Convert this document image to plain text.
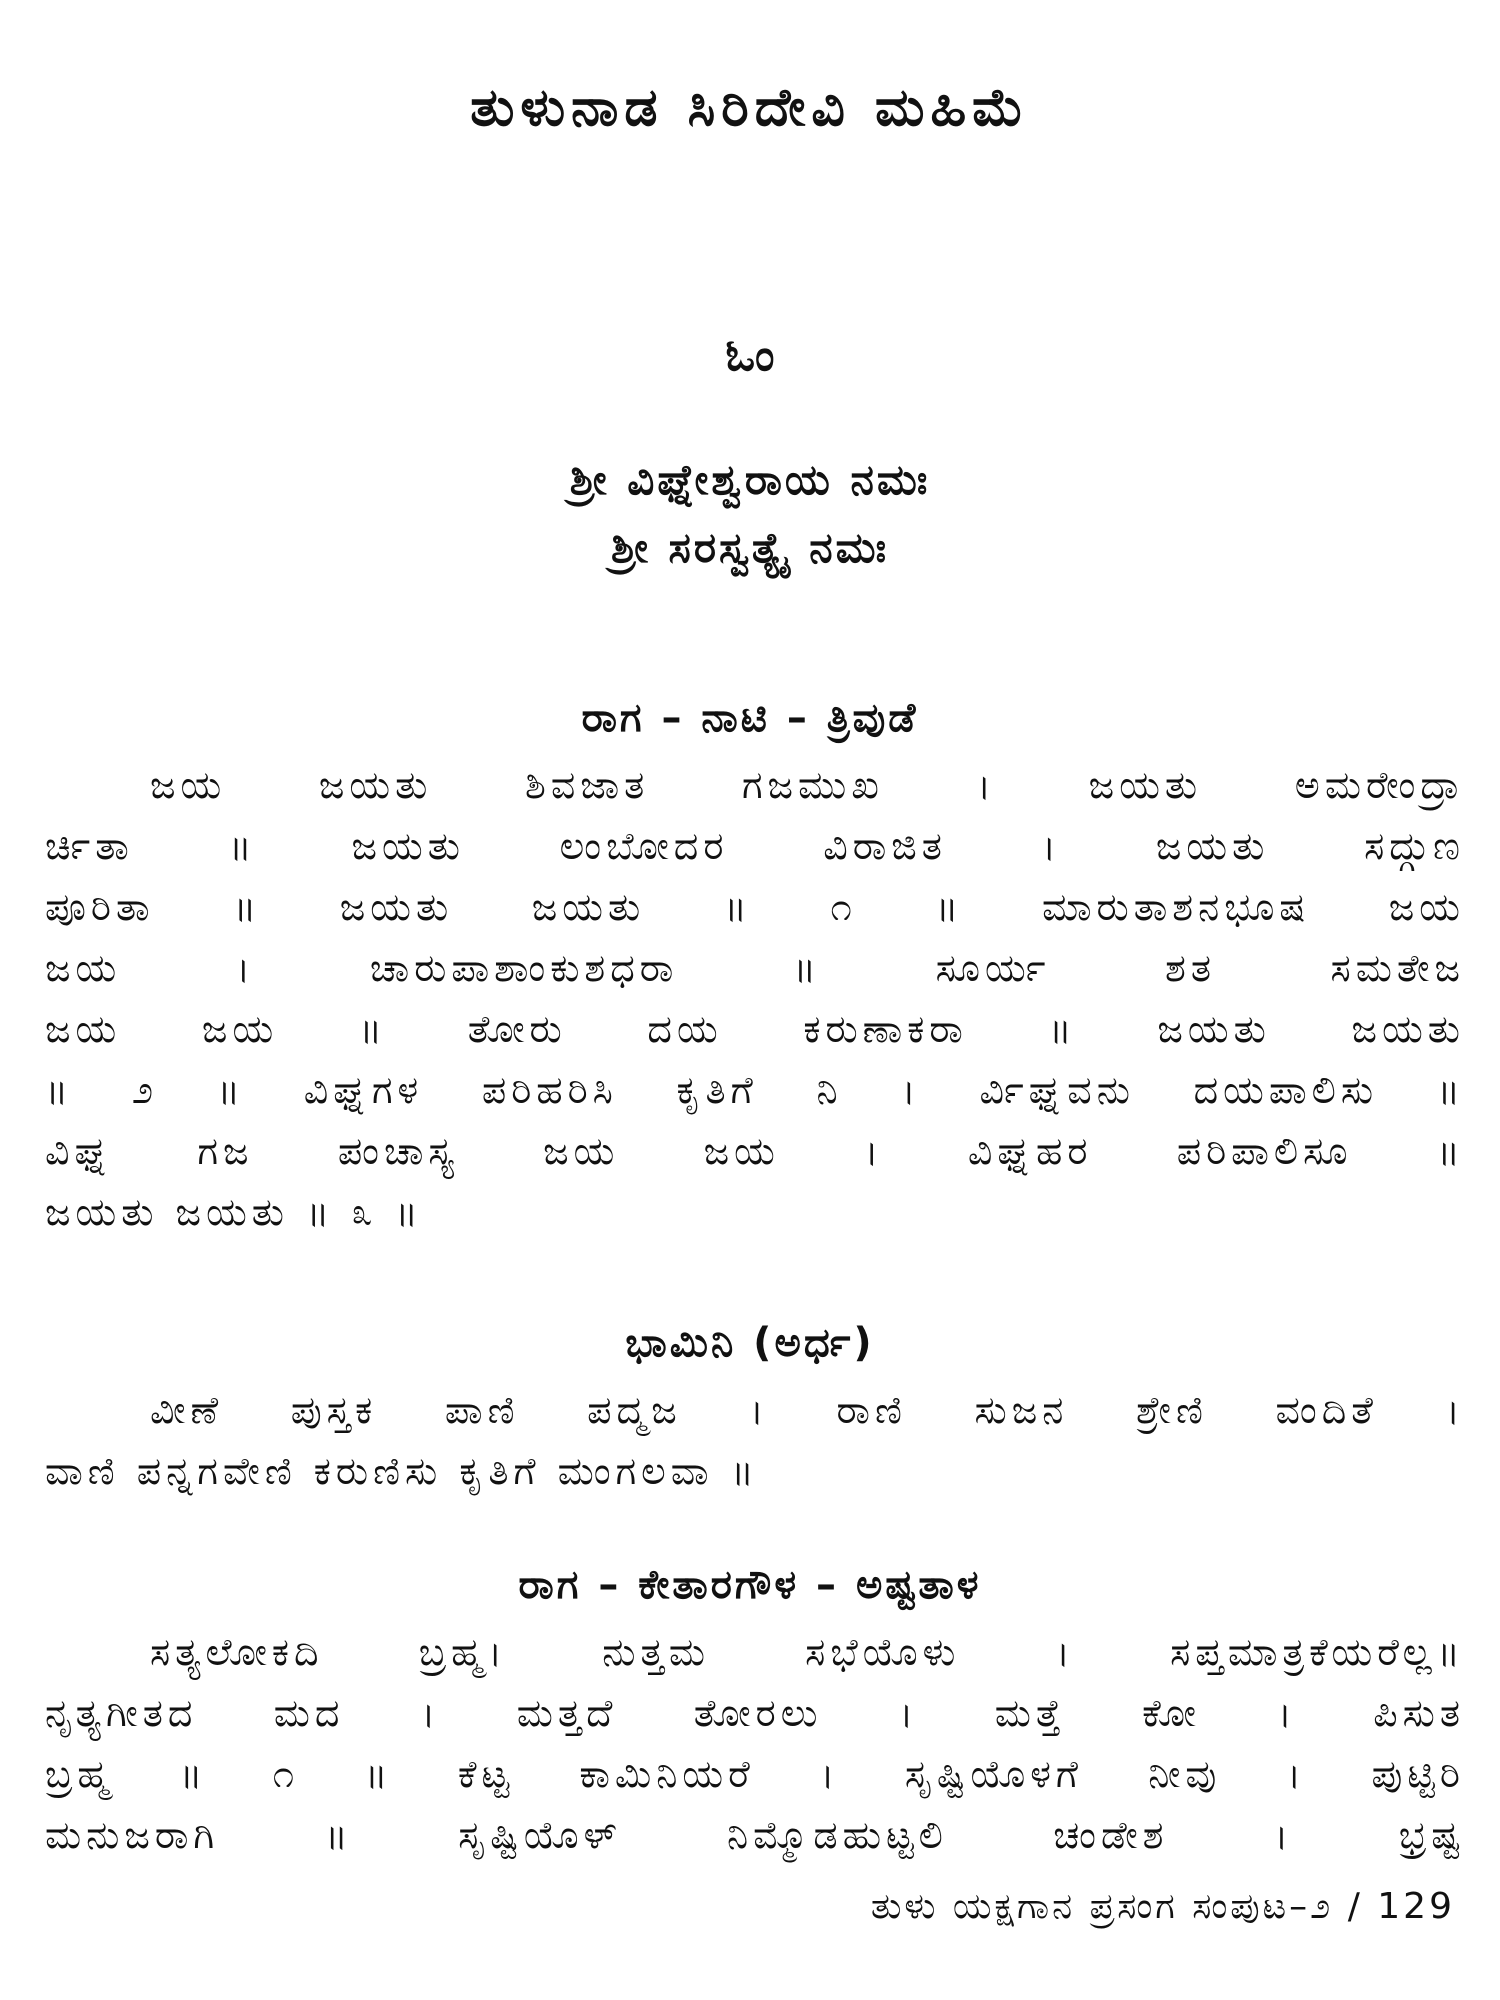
ತುಳುನಾಡ ಸಿರಿದೇವಿ ಮಹಿಮೆ
ಓಂ
ಶ್ರೀ ವಿಘ್ನೇಶ್ವರಾಯ ನಮಃ
ಶ್ರೀ ಸರಸ್ವತ್ಯೈ ನಮಃ
ರಾಗ – ನಾಟಿ – ತ್ರಿವುಡೆ
ಜಯ ಜಯತು ಶಿವಜಾತ ಗಜಮುಖ । ಜಯತು ಅಮರೇಂದ್ರಾ
ರ್ಚಿತಾ ॥ ಜಯತು ಲಂಬೋದರ ವಿರಾಜಿತ । ಜಯತು ಸದ್ಗುಣ
ಪೂರಿತಾ ॥ ಜಯತು ಜಯತು ॥ ೧ ॥ ಮಾರುತಾಶನಭೂಷ ಜಯ
ಜಯ । ಚಾರುಪಾಶಾಂಕುಶಧರಾ ॥ ಸೂರ್ಯ ಶತ ಸಮತೇಜ
ಜಯ ಜಯ ॥ ತೋರು ದಯ ಕರುಣಾಕರಾ ॥ ಜಯತು ಜಯತು
॥ ೨ ॥ ವಿಘ್ನಗಳ ಪರಿಹರಿಸಿ ಕೃತಿಗೆ ನಿ । ರ್ವಿಘ್ನವನು ದಯಪಾಲಿಸು ॥
ವಿಘ್ನ ಗಜ ಪಂಚಾಸ್ಯ ಜಯ ಜಯ । ವಿಘ್ನಹರ ಪರಿಪಾಲಿಸೂ ॥
ಜಯತು ಜಯತು ॥ ೩ ॥
ಭಾಮಿನಿ (ಅರ್ಧ)
ವೀಣೆ ಪುಸ್ತಕ ಪಾಣಿ ಪದ್ಮಜ । ರಾಣಿ ಸುಜನ ಶ್ರೇಣಿ ವಂದಿತೆ ।
ವಾಣಿ ಪನ್ನಗವೇಣಿ ಕರುಣಿಸು ಕೃತಿಗೆ ಮಂಗಲವಾ ॥
ರಾಗ – ಕೇತಾರಗೌಳ – ಅಷ್ಟತಾಳ
ಸತ್ಯಲೋಕದಿ ಬ್ರಹ್ಮ। ನುತ್ತಮ ಸಭೆಯೊಳು । ಸಪ್ತಮಾತ್ರಕೆಯರೆಲ್ಲ॥
ನೃತ್ಯಗೀತದ ಮದ । ಮತ್ತದೆ ತೋರಲು । ಮತ್ತೆ ಕೋ । ಪಿಸುತ
ಬ್ರಹ್ಮ ॥ ೧ ॥ ಕೆಟ್ಟ ಕಾಮಿನಿಯರೆ । ಸೃಷ್ಟಿಯೊಳಗೆ ನೀವು । ಪುಟ್ಟಿರಿ
ಮನುಜರಾಗಿ ॥ ಸೃಷ್ಟಿಯೊಳ್ ನಿಮ್ಮೊಡಹುಟ್ಟಲಿ ಚಂಡೇಶ । ಭ್ರಷ್ಟ
ತುಳು ಯಕ್ಷಗಾನ ಪ್ರಸಂಗ ಸಂಪುಟ–೨ / 129
